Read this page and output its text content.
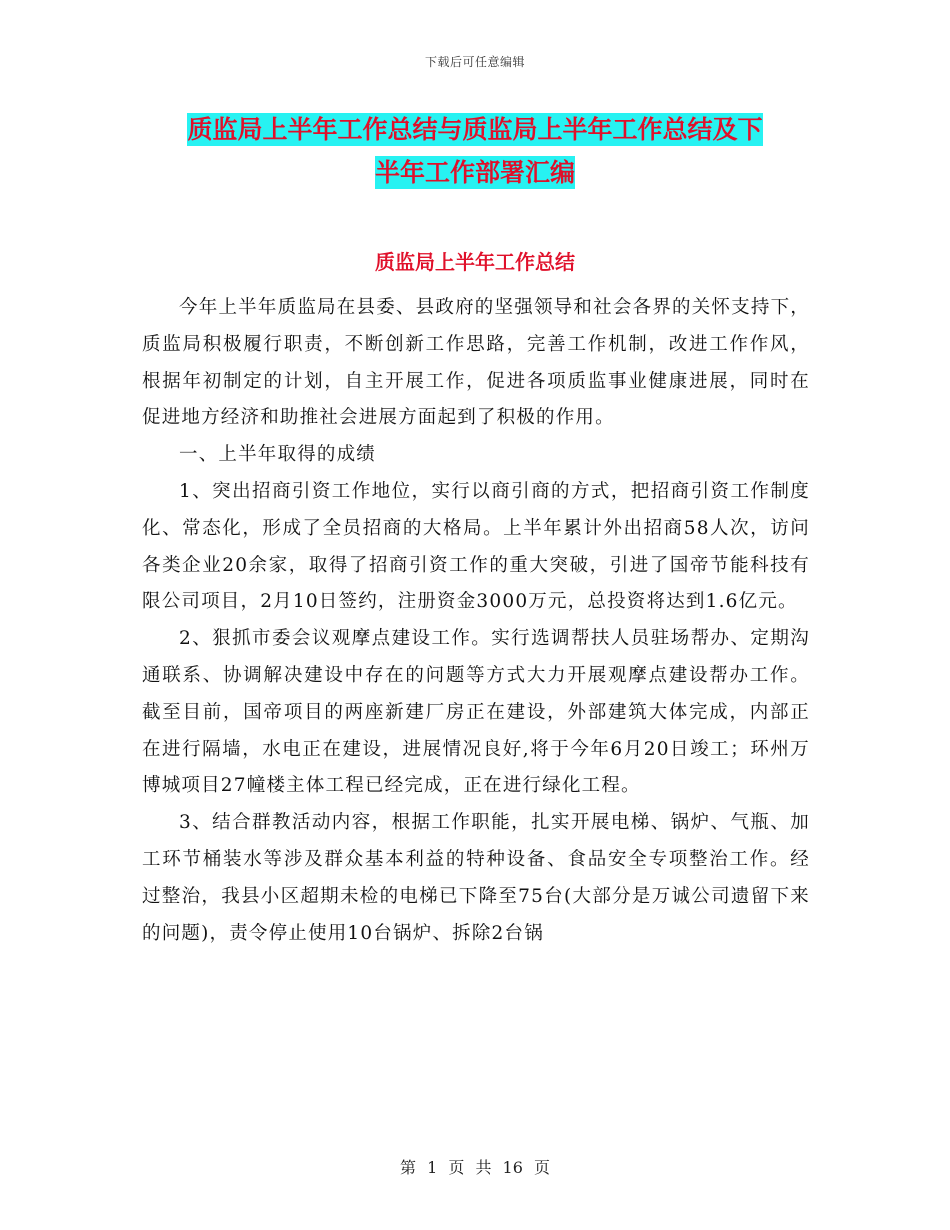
下载后可任意编辑
质监局上半年工作总结与质监局上半年工作总结及下
半年工作部署汇编
质监局上半年工作总结

今年上半年质监局在县委、县政府的坚强领导和社会各界的关怀支持下，质监局积极履行职责，不断创新工作思路，完善工作机制，改进工作作风，根据年初制定的计划，自主开展工作，促进各项质监事业健康进展，同时在促进地方经济和助推社会进展方面起到了积极的作用。

一、上半年取得的成绩

1、突出招商引资工作地位，实行以商引商的方式，把招商引资工作制度化、常态化，形成了全员招商的大格局。上半年累计外出招商58人次，访问各类企业20余家，取得了招商引资工作的重大突破，引进了国帝节能科技有限公司项目，2月10日签约，注册资金3000万元，总投资将达到1.6亿元。

2、狠抓市委会议观摩点建设工作。实行选调帮扶人员驻场帮办、定期沟通联系、协调解决建设中存在的问题等方式大力开展观摩点建设帮办工作。截至目前，国帝项目的两座新建厂房正在建设，外部建筑大体完成，内部正在进行隔墙，水电正在建设，进展情况良好,将于今年6月20日竣工；环州万博城项目27幢楼主体工程已经完成，正在进行绿化工程。

3、结合群教活动内容，根据工作职能，扎实开展电梯、锅炉、气瓶、加工环节桶装水等涉及群众基本利益的特种设备、食品安全专项整治工作。经过整治，我县小区超期未检的电梯已下降至75台(大部分是万诚公司遗留下来的问题)，责令停止使用10台锅炉、拆除2台锅

第 1 页 共 16 页
